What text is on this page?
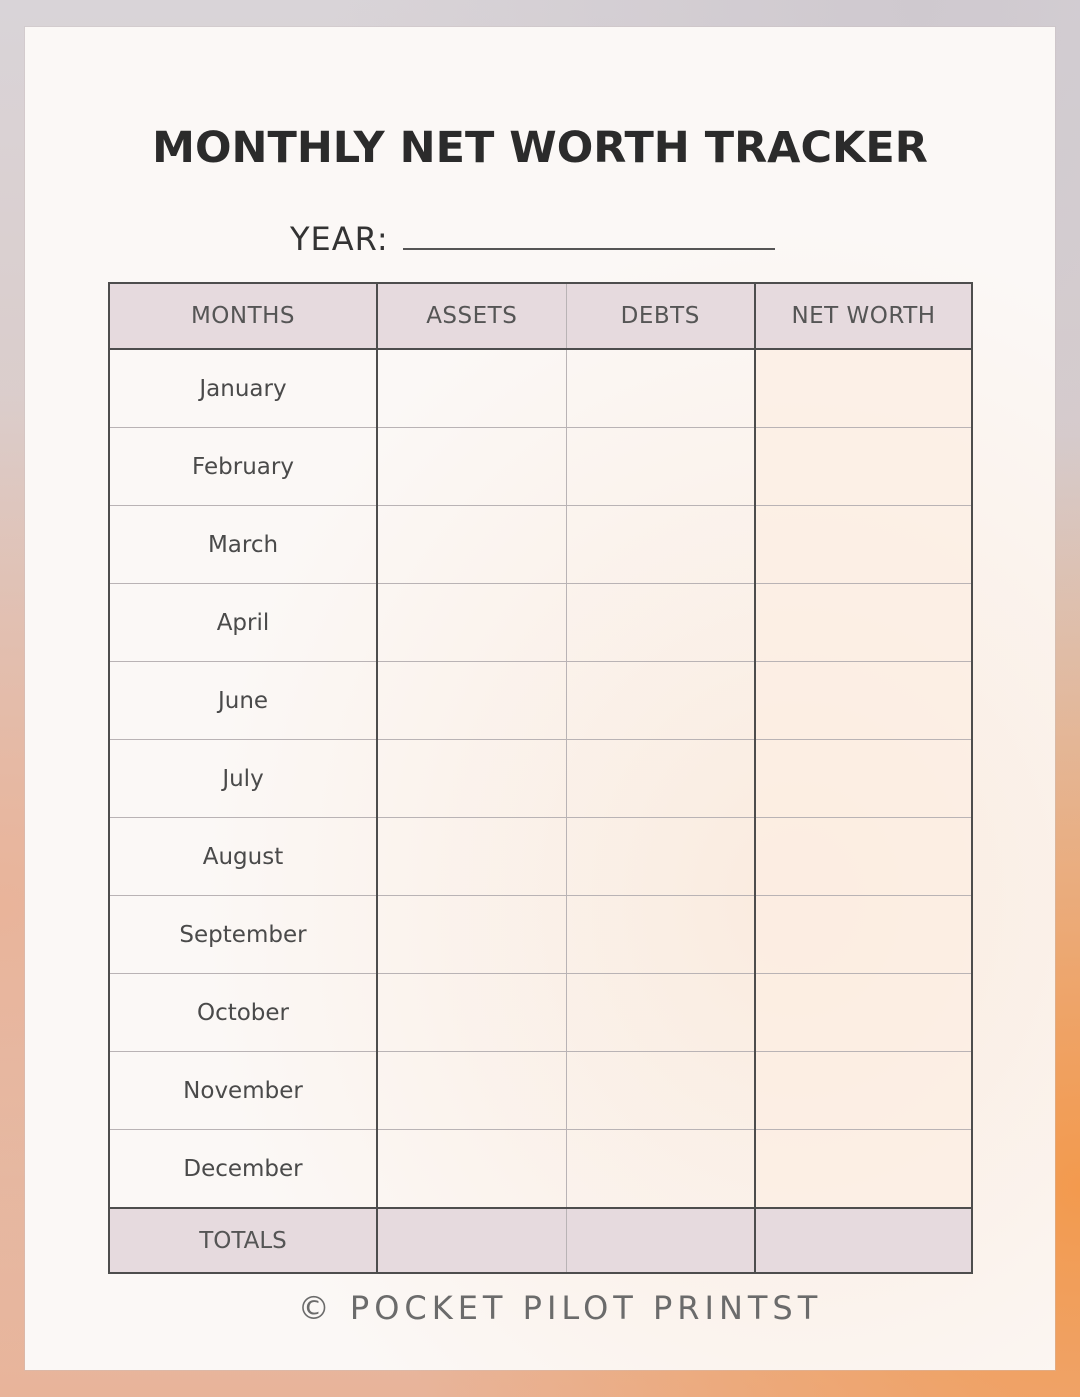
MONTHLY NET WORTH TRACKER
YEAR:
MONTHS	ASSETS	DEBTS	NET WORTH
January			
February			
March			
April			
June			
July			
August			
September			
October			
November			
December			
TOTALS			
© POCKET PILOT PRINTST
